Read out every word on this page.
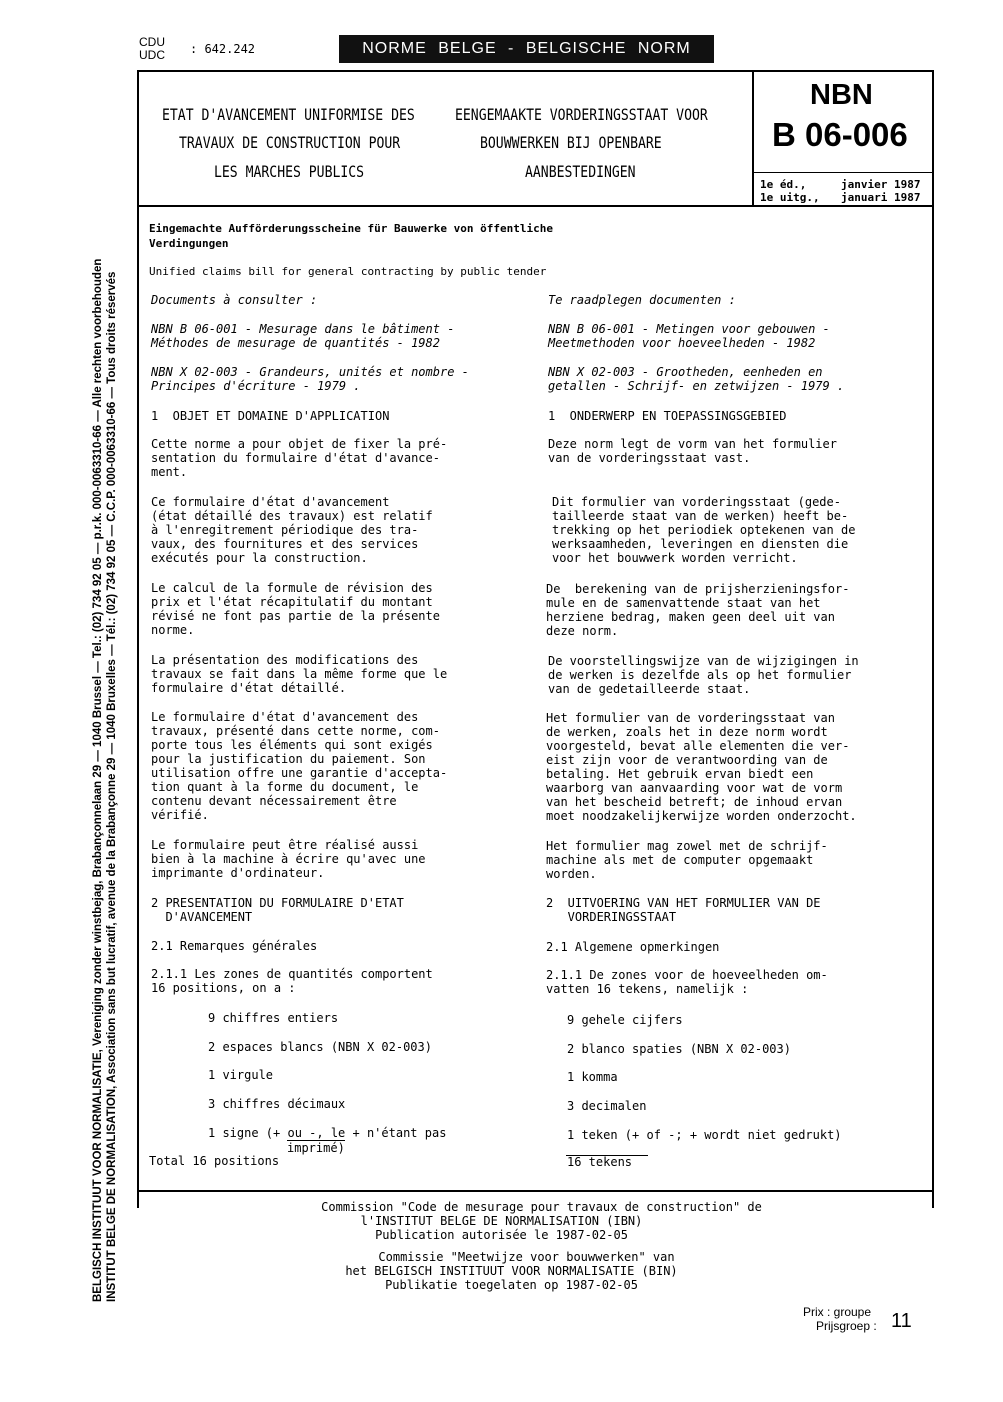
CDU
UDC : 642.242	NORME BELGE - BELGISCHE NORM
BELGISCH INSTITUUT VOOR NORMALISATIE, Vereniging zonder winstbejag, Brabançonnelaan 29 — 1040 Brussel — Tel.: (02) 734 92 05 — p.r.k. 000-0063310-66 — Alle rechten voorbehouden INSTITUT BELGE DE NORMALISATION, Association sans but lucratif, avenue de la Brabançonne 29 — 1040 Bruxelles — Tél.: (02) 734 92 05 — C.C.P. 000-0063310-66 — Tous droits réservés
ETAT D'AVANCEMENT UNIFORMISE DES
TRAVAUX DE CONSTRUCTION POUR
LES MARCHES PUBLICS
EENGEMAAKTE VORDERINGSSTAAT VOOR
BOUWWERKEN BIJ OPENBARE
AANBESTEDINGEN
NBN
B 06-006
1e éd.,	janvier 1987
1e uitg., januari 1987
Eingemachte Aufförderungsscheine für Bauwerke von öffentliche
Verdingungen
Unified claims bill for general contracting by public tender
Documents à consulter :
NBN B 06-001 - Mesurage dans le bâtiment -
Méthodes de mesurage de quantités - 1982
NBN X 02-003 - Grandeurs, unités et nombre -
Principes d'écriture - 1979 .
1  OBJET ET DOMAINE D'APPLICATION
Cette norme a pour objet de fixer la pré-
sentation du formulaire d'état d'avance-
ment.
Ce formulaire d'état d'avancement
(état détaillé des travaux) est relatif
à l'enregitrement périodique des tra-
vaux, des fournitures et des services
exécutés pour la construction.
Le calcul de la formule de révision des
prix et l'état récapitulatif du montant
révisé ne font pas partie de la présente
norme.
La présentation des modifications des
travaux se fait dans la même forme que le
formulaire d'état détaillé.
Le formulaire d'état d'avancement des
travaux, présenté dans cette norme, com-
porte tous les éléments qui sont exigés
pour la justification du paiement. Son
utilisation offre une garantie d'accepta-
tion quant à la forme du document, le
contenu devant nécessairement être
vérifié.
Le formulaire peut être réalisé aussi
bien à la machine à écrire qu'avec une
imprimante d'ordinateur.
2 PRESENTATION DU FORMULAIRE D'ETAT
D'AVANCEMENT
2.1 Remarques générales
2.1.1 Les zones de quantités comportent
16 positions, on a :
9 chiffres entiers
2 espaces blancs (NBN X 02-003)
1 virgule
3 chiffres décimaux
1 signe (+ ou -, le + n'étant pas
imprimé)
Total 16 positions
Te raadplegen documenten :
NBN B 06-001 - Metingen voor gebouwen -
Meetmethoden voor hoeveelheden - 1982
NBN X 02-003 - Grootheden, eenheden en
getallen - Schrijf- en zetwijzen - 1979 .
1  ONDERWERP EN TOEPASSINGSGEBIED
Deze norm legt de vorm van het formulier
van de vorderingsstaat vast.
Dit formulier van vorderingsstaat (gede-
tailleerde staat van de werken) heeft be-
trekking op het periodiek optekenen van de
werksaamheden, leveringen en diensten die
voor het bouwwerk worden verricht.
De  berekening van de prijsherzieningsfor-
mule en de samenvattende staat van het
herziene bedrag, maken geen deel uit van
deze norm.
De voorstellingswijze van de wijzigingen in
de werken is dezelfde als op het formulier
van de gedetailleerde staat.
Het formulier van de vorderingsstaat van
de werken, zoals het in deze norm wordt
voorgesteld, bevat alle elementen die ver-
eist zijn voor de verantwoording van de
betaling. Het gebruik ervan biedt een
waarborg van aanvaarding voor wat de vorm
van het bescheid betreft; de inhoud ervan
moet noodzakelijkerwijze worden onderzocht.
Het formulier mag zowel met de schrijf-
machine als met de computer opgemaakt
worden.
2  UITVOERING VAN HET FORMULIER VAN DE
VORDERINGSSTAAT
2.1 Algemene opmerkingen
2.1.1 De zones voor de hoeveelheden om-
vatten 16 tekens, namelijk :
9 gehele cijfers
2 blanco spaties (NBN X 02-003)
1 komma
3 decimalen
1 teken (+ of -; + wordt niet gedrukt)
16 tekens
Commission "Code de mesurage pour travaux de construction" de
l'INSTITUT BELGE DE NORMALISATION (IBN)
Publication autorisée le 1987-02-05
Commissie "Meetwijze voor bouwwerken" van
het BELGISCH INSTITUUT VOOR NORMALISATIE (BIN)
Publikatie toegelaten op 1987-02-05
Prix : groupe
Prijsgroep : 11
